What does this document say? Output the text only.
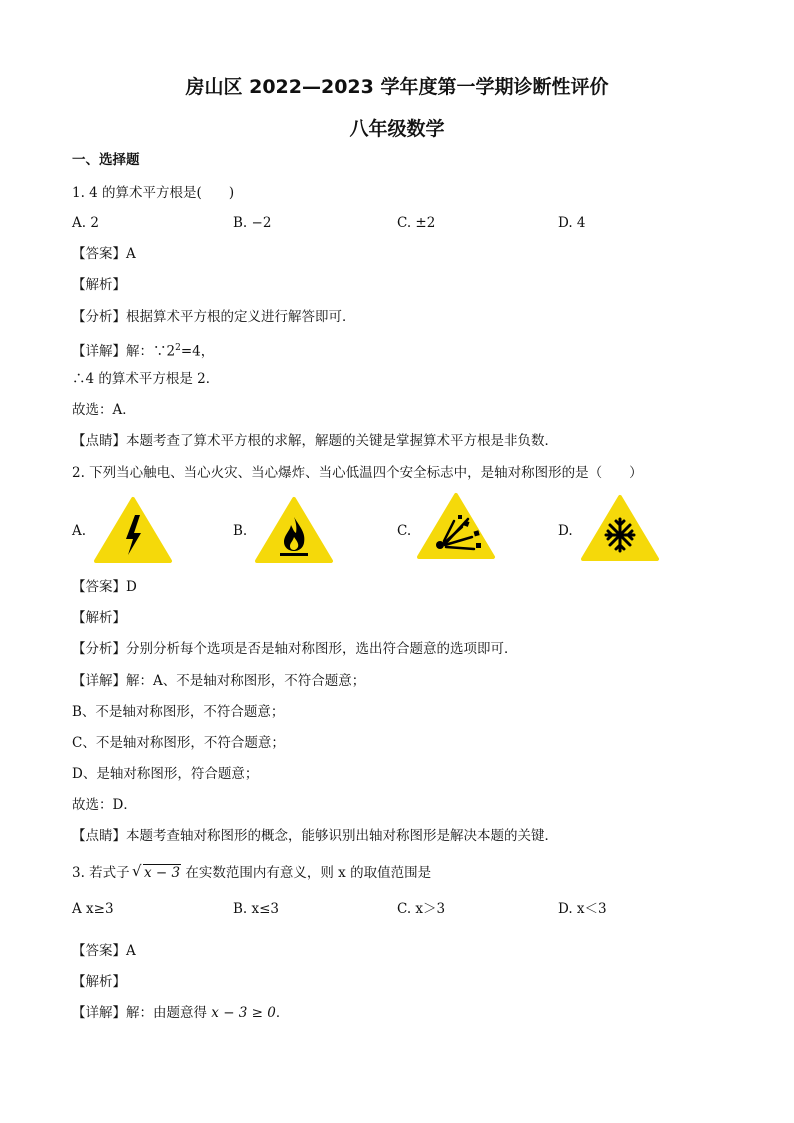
房山区 2022—2023 学年度第一学期诊断性评价
八年级数学
一、选择题
1. 4 的算术平方根是(　　)
A. 2	B. −2	C. ±2	D. 4
【答案】A
【解析】
【分析】根据算术平方根的定义进行解答即可．
【详解】解：$\because 2^2=4$，
∴4 的算术平方根是 2．
故选：A．
【点睛】本题考查了算术平方根的求解，解题的关键是掌握算术平方根是非负数．
2. 下列当心触电、当心火灾、当心爆炸、当心低温四个安全标志中，是轴对称图形的是（　　）
A.	B.	C.	D.
【答案】D
【解析】
【分析】分别分析每个选项是否是轴对称图形，选出符合题意的选项即可．
【详解】解：A、不是轴对称图形，不符合题意；
B、不是轴对称图形，不符合题意；
C、不是轴对称图形，不符合题意；
D、是轴对称图形，符合题意；
故选：D．
【点睛】本题考查轴对称图形的概念，能够识别出轴对称图形是解决本题的关键．
3. 若式子 √ x − 3 在实数范围内有意义，则 x 的取值范围是
A x≥3	B. x≤3	C. x＞3	D. x＜3
【答案】A
【解析】
【详解】解：由题意得 x − 3 ≥ 0．
